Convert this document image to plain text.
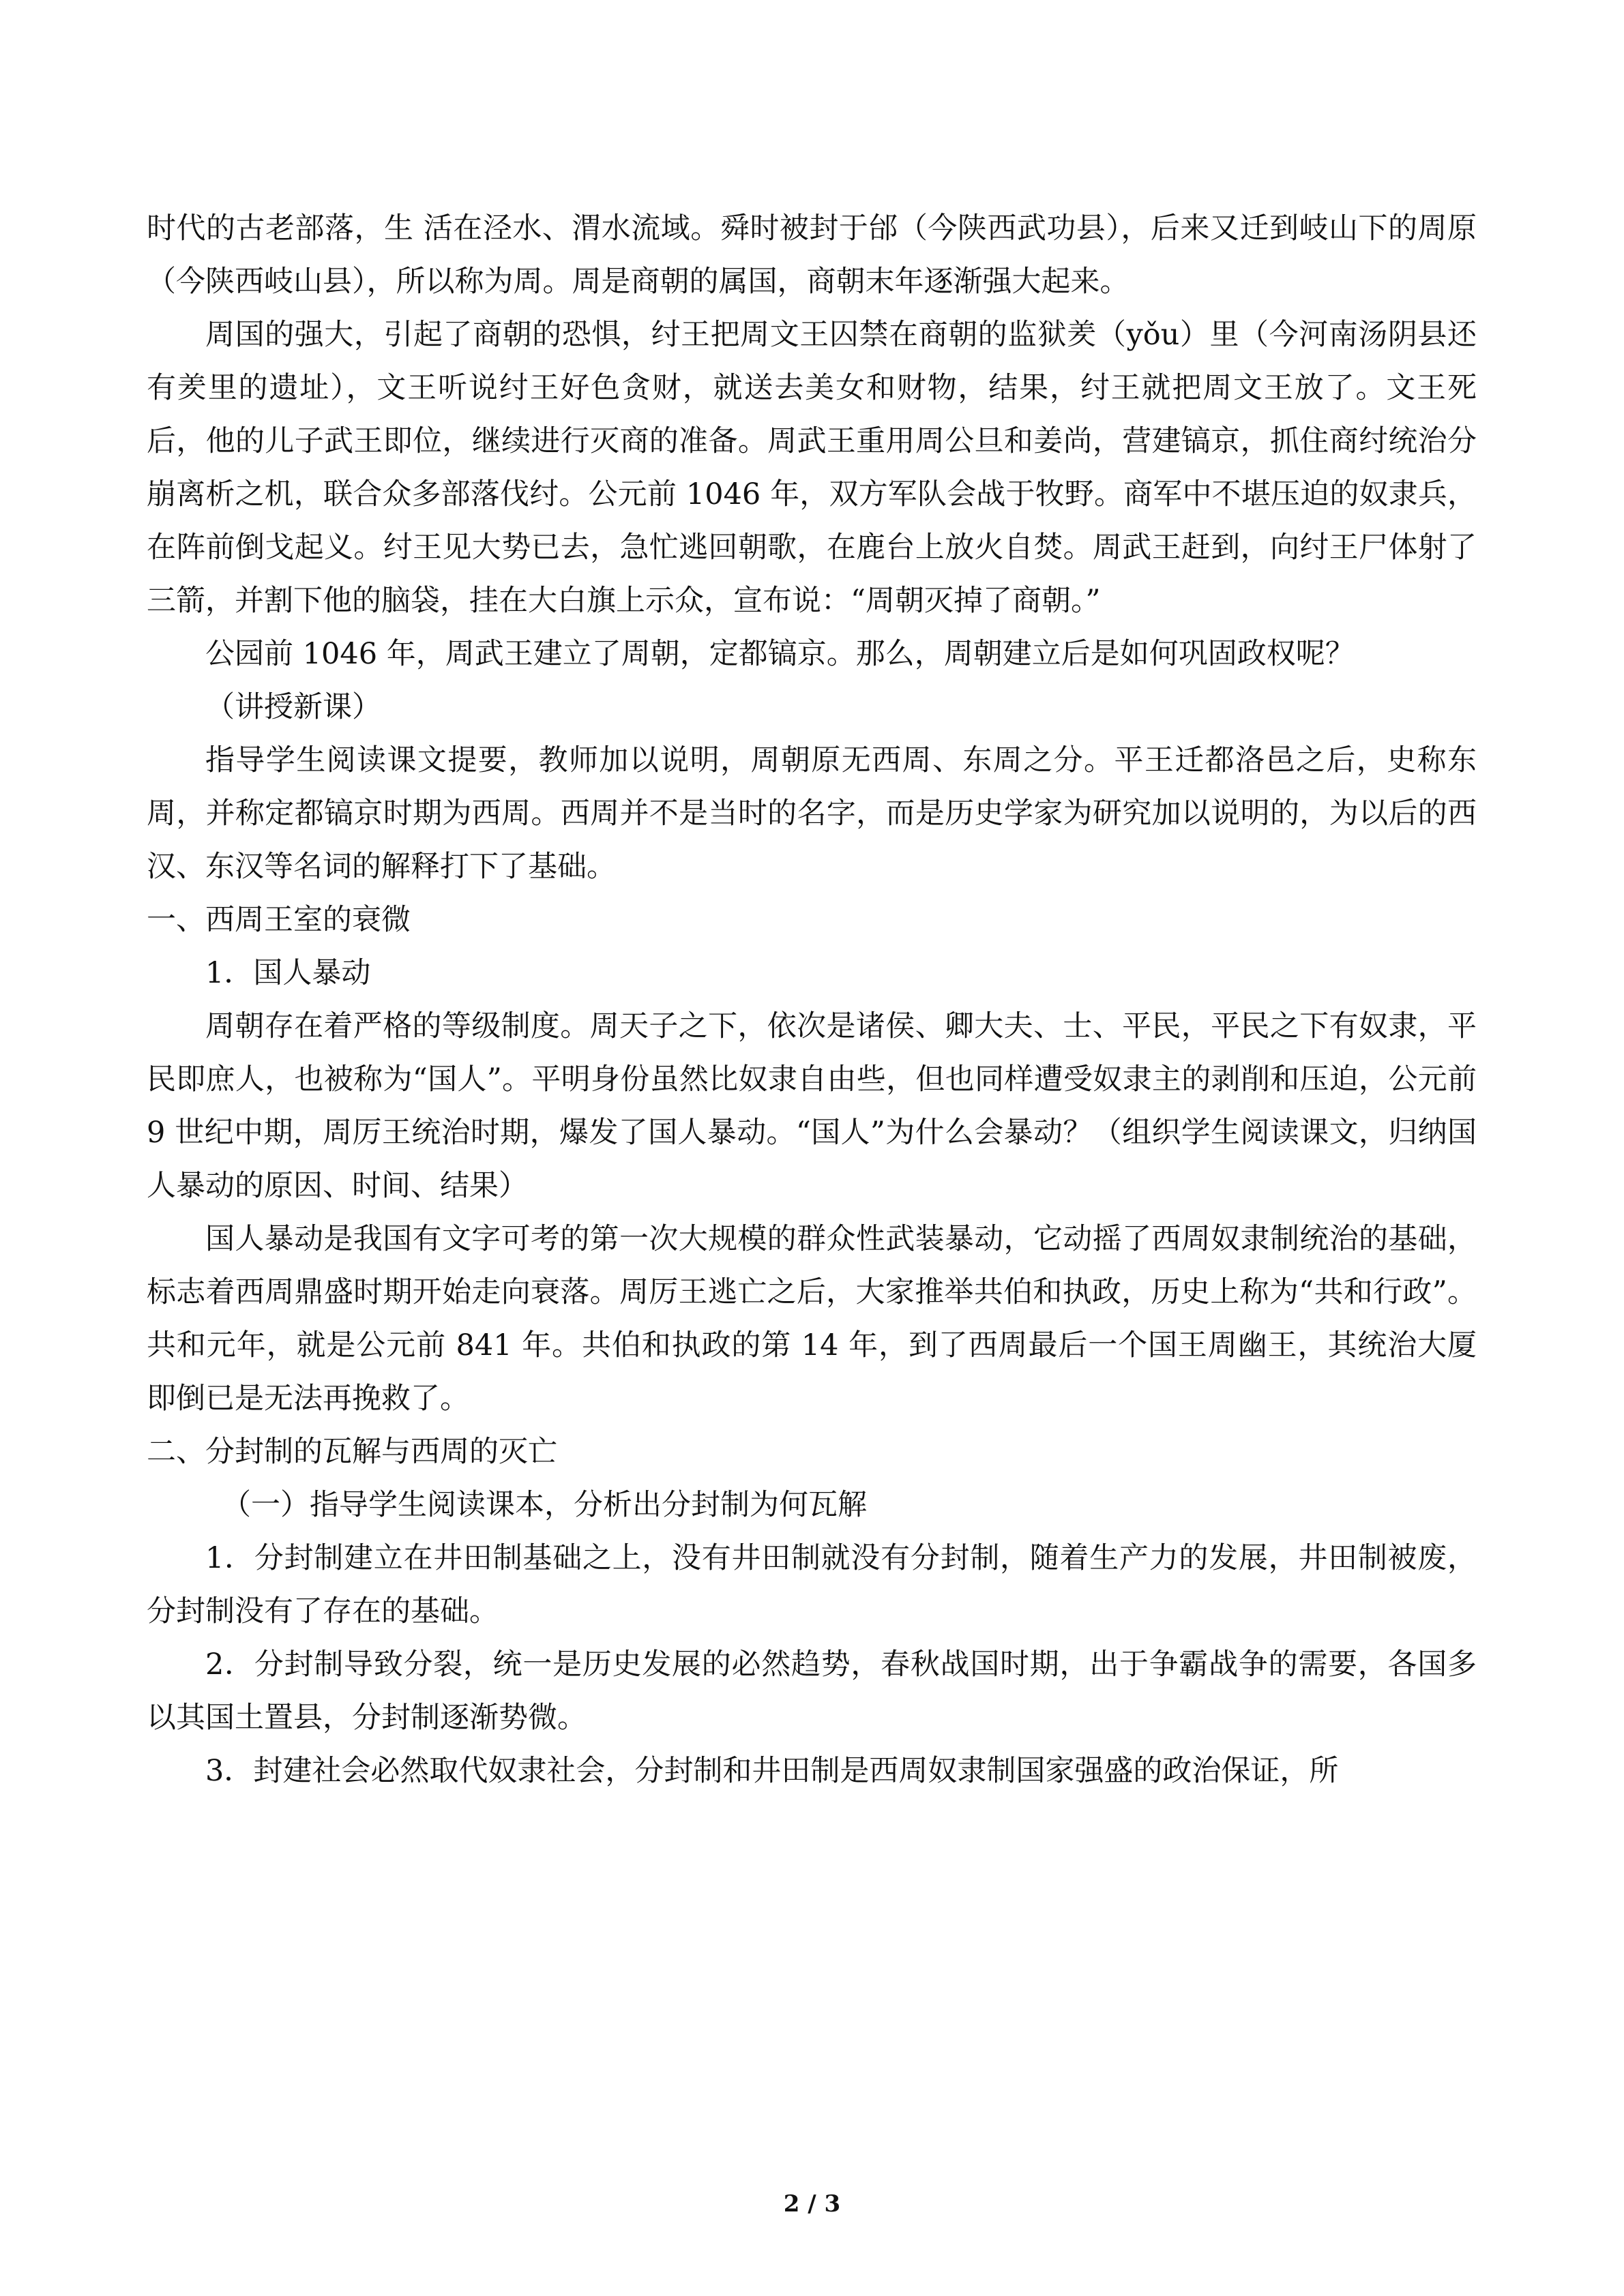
时代的古老部落，生 活在泾水、渭水流域。舜时被封于邰（今陕西武功县），后来又迁到岐山下的周原（今陕西岐山县），所以称为周。周是商朝的属国，商朝末年逐渐强大起来。

周国的强大，引起了商朝的恐惧，纣王把周文王囚禁在商朝的监狱羑（yǒu）里（今河南汤阴县还有羑里的遗址），文王听说纣王好色贪财，就送去美女和财物，结果，纣王就把周文王放了。文王死后，他的儿子武王即位，继续进行灭商的准备。周武王重用周公旦和姜尚，营建镐京，抓住商纣统治分崩离析之机，联合众多部落伐纣。公元前 1046 年，双方军队会战于牧野。商军中不堪压迫的奴隶兵，在阵前倒戈起义。纣王见大势已去，急忙逃回朝歌，在鹿台上放火自焚。周武王赶到，向纣王尸体射了三箭，并割下他的脑袋，挂在大白旗上示众，宣布说：“周朝灭掉了商朝。”

公园前 1046 年，周武王建立了周朝，定都镐京。那么，周朝建立后是如何巩固政权呢？

（讲授新课）

指导学生阅读课文提要，教师加以说明，周朝原无西周、东周之分。平王迁都洛邑之后，史称东周，并称定都镐京时期为西周。西周并不是当时的名字，而是历史学家为研究加以说明的，为以后的西汉、东汉等名词的解释打下了基础。

一、西周王室的衰微

1．国人暴动

周朝存在着严格的等级制度。周天子之下，依次是诸侯、卿大夫、士、平民，平民之下有奴隶，平民即庶人，也被称为“国人”。平明身份虽然比奴隶自由些，但也同样遭受奴隶主的剥削和压迫，公元前 9 世纪中期，周厉王统治时期，爆发了国人暴动。“国人”为什么会暴动？（组织学生阅读课文，归纳国人暴动的原因、时间、结果）

国人暴动是我国有文字可考的第一次大规模的群众性武装暴动，它动摇了西周奴隶制统治的基础，标志着西周鼎盛时期开始走向衰落。周厉王逃亡之后，大家推举共伯和执政，历史上称为“共和行政”。共和元年，就是公元前 841 年。共伯和执政的第 14 年，到了西周最后一个国王周幽王，其统治大厦即倒已是无法再挽救了。

二、分封制的瓦解与西周的灭亡

（一）指导学生阅读课本，分析出分封制为何瓦解

1．分封制建立在井田制基础之上，没有井田制就没有分封制，随着生产力的发展，井田制被废，分封制没有了存在的基础。

2．分封制导致分裂，统一是历史发展的必然趋势，春秋战国时期，出于争霸战争的需要，各国多以其国土置县，分封制逐渐势微。

3．封建社会必然取代奴隶社会，分封制和井田制是西周奴隶制国家强盛的政治保证，所

2 / 3
